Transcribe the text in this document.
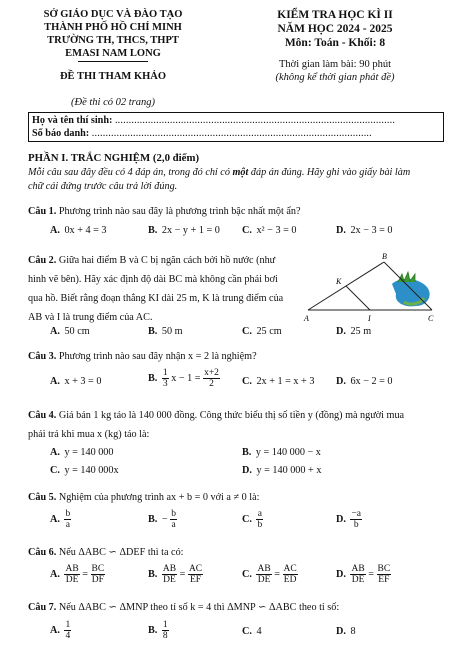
SỞ GIÁO DỤC VÀ ĐÀO TẠO
THÀNH PHỐ HỒ CHÍ MINH
TRƯỜNG TH, THCS, THPT
EMASI NAM LONG
ĐỀ THI THAM KHẢO
(Đề thi có 02 trang)
KIỂM TRA HỌC KÌ II
NĂM HỌC 2024 - 2025
Môn: Toán - Khối: 8
Thời gian làm bài: 90 phút
(không kể thời gian phát đề)
Họ và tên thí sinh: ......................................................................................................
Số báo danh: ......................................................................................................
PHẦN I. TRẮC NGHIỆM (2,0 điểm)
Mỗi câu sau đây đều có 4 đáp án, trong đó chỉ có một đáp án đúng. Hãy ghi vào giấy bài làm
chữ cái đứng trước câu trả lời đúng.
Câu 1. Phương trình nào sau đây là phương trình bậc nhất một ẩn?
A. 0x + 4 = 3	B. 2x − y + 1 = 0 C. x² − 3 = 0	D. 2x − 3 = 0
Câu 2. Giữa hai điểm B và C bị ngăn cách bởi hồ nước (như
hình vẽ bên). Hãy xác định độ dài BC mà không cần phải bơi
qua hồ. Biết rằng đoạn thẳng KI dài 25 m, K là trung điểm của
AB và I là trung điểm của AC.
B
K
A	I	C
A. 50 cm	B. 50 m	C. 25 cm	D. 25 m
Câu 3. Phương trình nào sau đây nhận x = 2 là nghiệm?
A. x + 3 = 0	B. $\frac{1}{3}$ $x - 1 = \frac{x+2}{2} C$. 2x + 1 = x + 3 D. 6x − 2 = 0
Câu 4. Giá bán 1 kg táo là 140 000 đồng. Công thức biểu thị số tiền y (đồng) mà người mua
phải trả khi mua x (kg) táo là:
A. y = 140 000	B. y = 140 000 − x
C. y = 140 000x	D. y = 140 000 + x
Câu 5. Nghiệm của phương trình ax + b = 0 với a ≠ 0 là:
A. $\frac{b}{a}$	B. − $\frac{b}{a}$	C. $\frac{a}{b}$	D. $\frac{-a}{b}$
Câu 6. Nếu ΔABC ∽ ΔDEF thì ta có:
A. $\frac{AB}{DE} = \frac{BC}{DF}$	B. $\frac{AB}{DE} = \frac{AC}{EF}$	C. $\frac{AB}{DE} = \frac{AC}{ED}$	D. $\frac{AB}{DE} = \frac{BC}{EF}$
Câu 7. Nếu ΔABC ∽ ΔMNP theo tỉ số k = 4 thì ΔMNP ∽ ΔABC theo tỉ số:
A. $\frac{1}{4}$	B. $\frac{1}{8}$	C. 4	D. 8
